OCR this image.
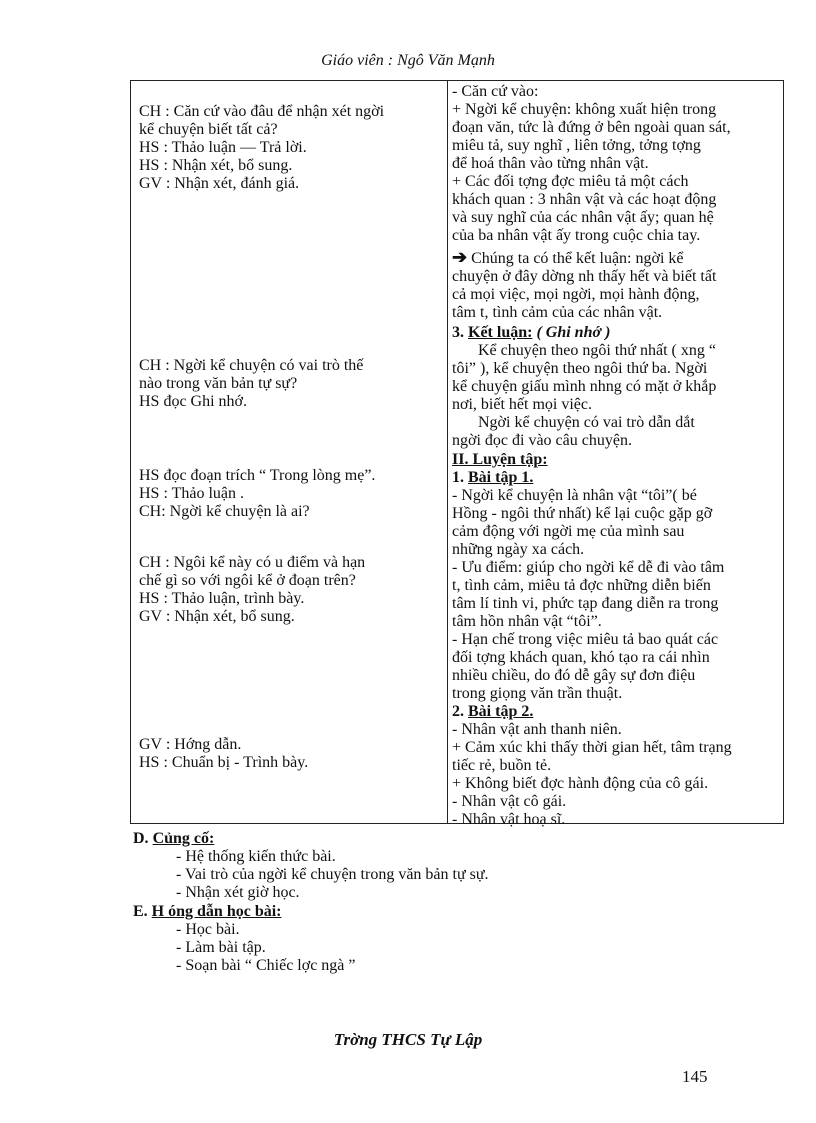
Giáo viên : Ngô Văn Mạnh
CH : Căn cứ vào đâu để nhận xét ngời
kể chuyện biết tất cả?
HS : Thảo luận — Trả lời.
HS : Nhận xét, bổ sung.
GV : Nhận xét, đánh giá.
CH : Ngời kể chuyện có vai trò thế
nào trong văn bản tự sự?
HS đọc Ghi nhớ.
HS đọc đoạn trích “ Trong lòng mẹ”.
HS : Thảo luận .
CH: Ngời kể chuyện là ai?
CH : Ngôi kể này có u điểm và hạn
chế gì so với ngôi kể ở đoạn trên?
HS : Thảo luận, trình bày.
GV : Nhận xét, bổ sung.
GV : Hớng dẫn.
HS : Chuẩn bị - Trình bày.
- Căn cứ vào:
+ Ngời kể chuyện: không xuất hiện trong
đoạn văn, tức là đứng ở bên ngoài quan sát,
miêu tả, suy nghĩ , liên tởng, tởng tợng
để hoá thân vào từng nhân vật.
+ Các đối tợng đợc miêu tả một cách
khách quan : 3 nhân vật và các hoạt động
và suy nghĩ của các nhân vật ấy; quan hệ
của ba nhân vật ấy trong cuộc chia tay.
➔ Chúng ta có thể kết luận: ngời kể
chuyện ở đây dờng nh thấy hết và biết tất
cả mọi việc, mọi ngời, mọi hành động,
tâm t, tình cảm của các nhân vật.
3. Kết luận: ( Ghi nhớ )
Kể chuyện theo ngôi thứ nhất ( xng “
tôi” ), kể chuyện theo ngôi thứ ba. Ngời
kể chuyện giấu mình nhng có mặt ở khắp
nơi, biết hết mọi việc.
Ngời kể chuyện có vai trò dẫn dắt
ngời đọc đi vào câu chuyện.
II. Luyện tập:
1. Bài tập 1.
- Ngời kể chuyện là nhân vật “tôi”( bé
Hồng - ngôi thứ nhất) kể lại cuộc gặp gỡ
cảm động với ngời mẹ của mình sau
những ngày xa cách.
- Ưu điểm: giúp cho ngời kể dễ đi vào tâm
t, tình cảm, miêu tả đợc những diễn biến
tâm lí tinh vi, phức tạp đang diễn ra trong
tâm hồn nhân vật “tôi”.
- Hạn chế trong việc miêu tả bao quát các
đối tợng khách quan, khó tạo ra cái nhìn
nhiều chiều, do đó dễ gây sự đơn điệu
trong giọng văn trần thuật.
2. Bài tập 2.
- Nhân vật anh thanh niên.
+ Cảm xúc khi thấy thời gian hết, tâm trạng
tiếc rẻ, buồn tẻ.
+ Không biết đợc hành động của cô gái.
- Nhân vật cô gái.
- Nhân vật hoạ sĩ.
D. Củng cố:
- Hệ thống kiến thức bài.
- Vai trò của ngời kể chuyện trong văn bản tự sự.
- Nhận xét giờ học.
E. H óng dẫn học bài:
- Học bài.
- Làm bài tập.
- Soạn bài “ Chiếc lợc ngà ”
Trờng THCS Tự Lập
145
